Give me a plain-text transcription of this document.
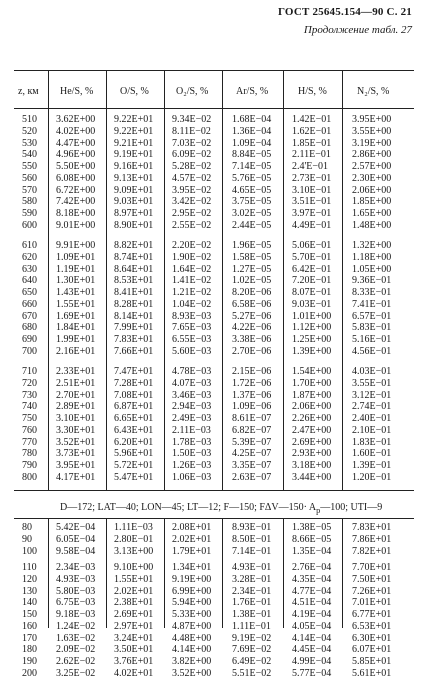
ГОСТ 25645.154—90 С. 21
Продолжение табл. 27
z, км He/S, %	O/S, %	O₂/S, %	Ar/S, %	H/S, %	N₂/S, %
510 3.62E+00 9.22E+01 9.34E−02 1.68E−04 1.42E−01 3.95E+00
520 4.02E+00 9.22E+01 8.11E−02 1.36E−04 1.62E−01 3.55E+00
530 4.47E+00 9.21E+01 7.03E−02 1.09E−04 1.85E−01 3.19E+00
540 4.96E+00 9.19E+01 6.09E−02 8.84E−05 2.11E−01 2.86E+00
550 5.50E+00 9.16E+01 5.28E−02 7.14E−05 2.4'E−01 2.57E+00
560 6.08E+00 9.13E+01 4.57E−02 5.76E−05 2.73E−01 2.30E+00
570 6.72E+00 9.09E+01 3.95E−02 4.65E−05 3.10E−01 2.06E+00
580 7.42E+00 9.03E+01 3.42E−02 3.75E−05 3.51E−01 1.85E+00
590 8.18E+00 8.97E+01 2.95E−02 3.02E−05 3.97E−01 1.65E+00
600 9.01E+00 8.90E+01 2.55E−02 2.44E−05 4.49E−01 1.48E+00
610 9.91E+00 8.82E+01 2.20E−02 1.96E−05 5.06E−01 1.32E+00
620 1.09E+01 8.74E+01 1.90E−02 1.58E−05 5.70E−01 1.18E+00
630 1.19E+01 8.64E+01 1.64E−02 1.27E−05 6.42E−01 1.05E+00
640 1.30E+01 8.53E+01 1.41E−02 1.02E−05 7.20E−01 9.36E−01
650 1.43E+01 8.41E+01 1.21E−02 8.20E−06 8.07E−01 8.33E−01
660 1.55E+01 8.28E+01 1.04E−02 6.58E−06 9.03E−01 7.41E−01
670 1.69E+01 8.14E+01 8.93E−03 5.27E−06 1.01E+00 6.57E−01
680 1.84E+01 7.99E+01 7.65E−03 4.22E−06 1.12E+00 5.83E−01
690 1.99E+01 7.83E+01 6.55E−03 3.38E−06 1.25E+00 5.16E−01
700 2.16E+01 7.66E+01 5.60E−03 2.70E−06 1.39E+00 4.56E−01
710 2.33E+01 7.47E+01 4.78E−03 2.15E−06 1.54E+00 4.03E−01
720 2.51E+01 7.28E+01 4.07E−03 1.72E−06 1.70E+00 3.55E−01
730 2.70E+01 7.08E+01 3.46E−03 1.37E−06 1.87E+00 3.12E−01
740 2.89E+01 6.87E+01 2.94E−03 1.09E−06 2.06E+00 2.74E−01
750 3.10E+01 6.65E+01 2.49E−03 8.61E−07 2.26E+00 2.40E−01
760 3.30E+01 6.43E+01 2.11E−03 6.82E−07 2.47E+00 2.10E−01
770 3.52E+01 6.20E+01 1.78E−03 5.39E−07 2.69E+00 1.83E−01
780 3.73E+01 5.96E+01 1.50E−03 4.25E−07 2.93E+00 1.60E−01
790 3.95E+01 5.72E+01 1.26E−03 3.35E−07 3.18E+00 1.39E−01
800 4.17E+01 5.47E+01 1.06E−03 2.63E−07 3.44E+00 1.20E−01
D—172; LAT—40; LON—45; LT—12; F—150; FΔV—150· $A_p—100$; UTI—9
80 5.42E−04 1.11E−03 2.08E+01 8.93E−01 1.38E−05 7.83E+01
90 6.05E−04 2.80E−01 2.02E+01 8.50E−01 8.66E−05 7.86E+01
100 9.58E−04 3.13E+00 1.79E+01 7.14E−01 1.35E−04 7.82E+01
110 2.34E−03 9.10E+00 1.34E+01 4.93E−01 2.76E−04 7.70E+01
120 4.93E−03 1.55E+01 9.19E+00 3.28E−01 4.35E−04 7.50E+01
130 5.80E−03 2.02E+01 6.99E+00 2.34E−01 4.77E−04 7.26E+01
140 6.75E−03 2.38E+01 5.94E+00 1.76E−01 4.51E−04 7.01E+01
150 9.18E−03 2.69E+01 5.33E+00 1.38E−01 4.19E−04 6.77E+01
160 1.24E−02 2.97E+01 4.87E+00 1.11E−01 4.05E−04 6.53E+01
170 1.63E−02 3.24E+01 4.48E+00 9.19E−02 4.14E−04 6.30E+01
180 2.09E−02 3.50E+01 4.14E+00 7.69E−02 4.45E−04 6.07E+01
190 2.62E−02 3.76E+01 3.82E+00 6.49E−02 4.99E−04 5.85E+01
200 3.25E−02 4.02E+01 3.52E+00 5.51E−02 5.77E−04 5.61E+01
